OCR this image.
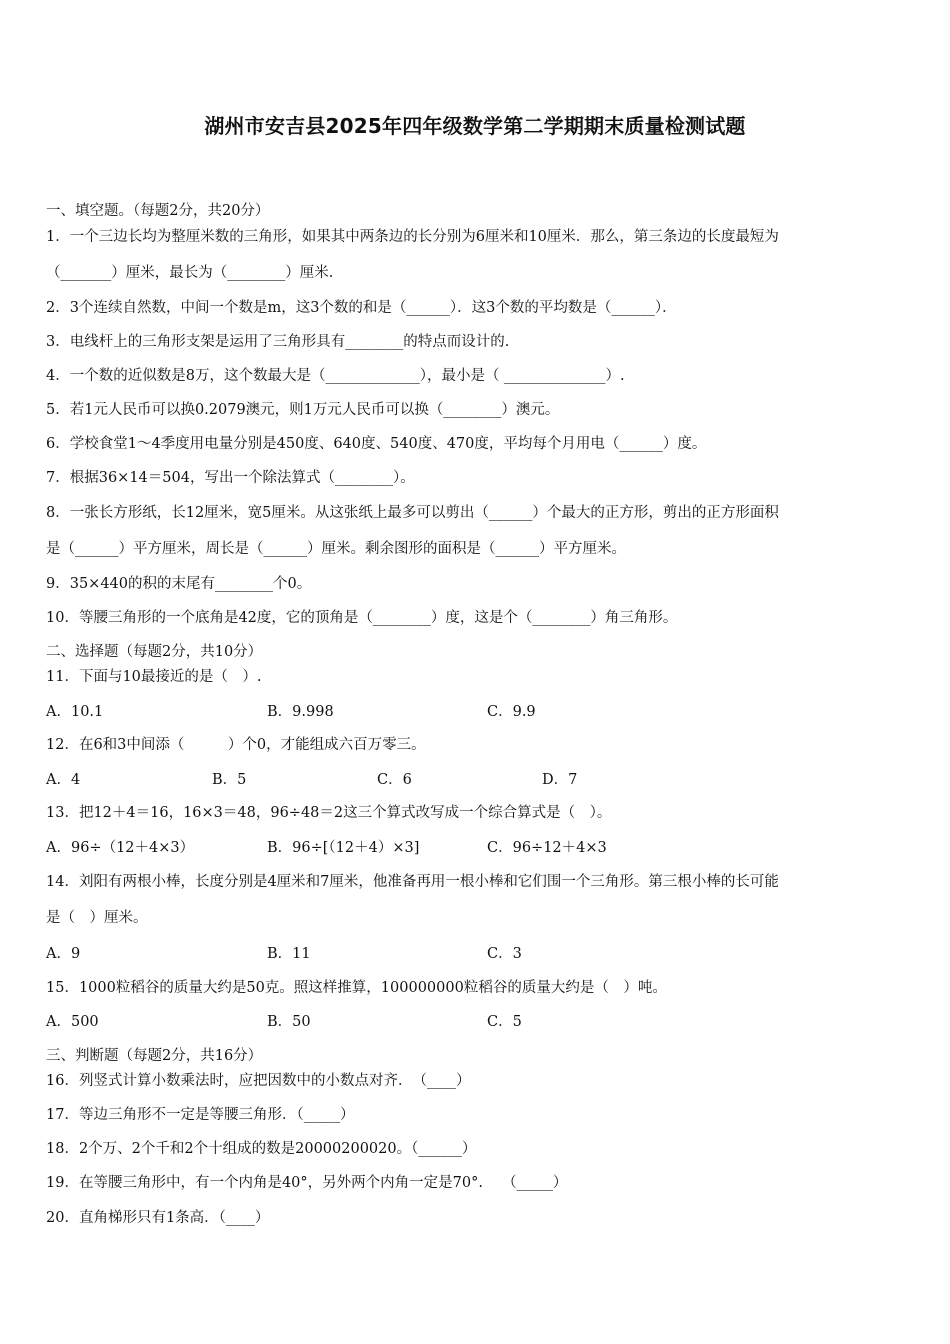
湖州市安吉县2025年四年级数学第二学期期末质量检测试题
一、填空题。（每题2分，共20分）
1．一个三边长均为整厘米数的三角形，如果其中两条边的长分别为6厘米和10厘米．那么，第三条边的长度最短为
（_______）厘米，最长为（________）厘米.
2．3个连续自然数，中间一个数是m，这3个数的和是（______）．这3个数的平均数是（______）．
3．电线杆上的三角形支架是运用了三角形具有________的特点而设计的.
4．一个数的近似数是8万，这个数最大是（_____________），最小是（ ______________）.
5．若1元人民币可以换0.2079澳元，则1万元人民币可以换（________）澳元。
6．学校食堂1～4季度用电量分别是450度、640度、540度、470度，平均每个月用电（______）度。
7．根据36×14＝504，写出一个除法算式（________）。
8．一张长方形纸，长12厘米，宽5厘米。从这张纸上最多可以剪出（______）个最大的正方形，剪出的正方形面积
是（______）平方厘米，周长是（______）厘米。剩余图形的面积是（______）平方厘米。
9．35×440的积的末尾有________个0。
10．等腰三角形的一个底角是42度，它的顶角是（________）度，这是个（________）角三角形。
二、选择题（每题2分，共10分）
11．下面与10最接近的是（　）.
A．10.1	B．9.998	C．9.9
12．在6和3中间添（　　　）个0，才能组成六百万零三。
A．4	B．5	C．6	D．7
13．把12＋4＝16，16×3＝48，96÷48＝2这三个算式改写成一个综合算式是（　）。
A．96÷（12＋4×3）	B．96÷[（12＋4）×3]	C．96÷12＋4×3
14．刘阳有两根小棒，长度分别是4厘米和7厘米，他准备再用一根小棒和它们围一个三角形。第三根小棒的长可能
是（　）厘米。
A．9	B．11	C．3
15．1000粒稻谷的质量大约是50克。照这样推算，100000000粒稻谷的质量大约是（　）吨。
A．500	B．50	C．5
三、判断题（每题2分，共16分）
16．列竖式计算小数乘法时，应把因数中的小数点对齐．　（____）
17．等边三角形不一定是等腰三角形．（_____）
18．2个万、2个千和2个十组成的数是20000200020。（______）
19．在等腰三角形中，有一个内角是40°，另外两个内角一定是70°.　 （_____）
20．直角梯形只有1条高．（____）
